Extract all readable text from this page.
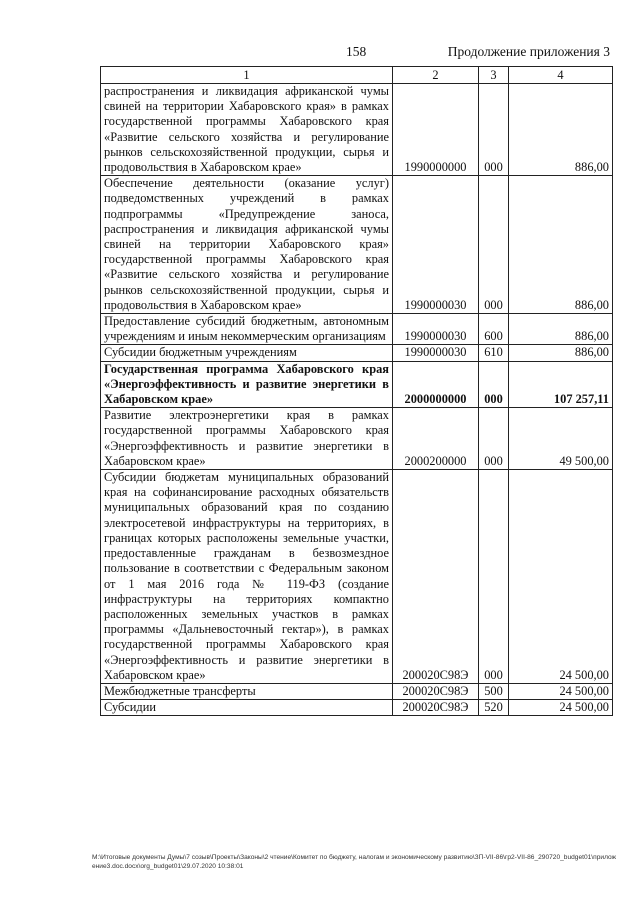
158	Продолжение приложения 3
1	2	3	4
распространения и ликвидация африканской чумы свиней на территории Хабаровского края» в рамках государственной программы Хабаровского края «Развитие сельского хозяйства и регулирование рынков сельскохозяйственной продукции, сырья и продовольствия в Хабаровском крае»	1990000000	000	886,00
Обеспечение деятельности (оказание услуг) подведомственных учреждений в рамках подпрограммы «Предупреждение заноса, распространения и ликвидация африканской чумы свиней на территории Хабаровского края» государственной программы Хабаровского края «Развитие сельского хозяйства и регулирование рынков сельскохозяйственной продукции, сырья и продовольствия в Хабаровском крае»	1990000030	000	886,00
Предоставление субсидий бюджетным, автономным учреждениям и иным некоммерческим организациям	1990000030	600	886,00
Субсидии бюджетным учреждениям	1990000030	610	886,00
Государственная программа Хабаровского края «Энергоэффективность и развитие энергетики в Хабаровском крае»	2000000000	000	107 257,11
Развитие электроэнергетики края в рамках государственной программы Хабаровского края «Энергоэффективность и развитие энергетики в Хабаровском крае»	2000200000	000	49 500,00
Субсидии бюджетам муниципальных образований края на софинансирование расходных обязательств муниципальных образований края по созданию электросетевой инфраструктуры на территориях, в границах которых расположены земельные участки, предоставленные гражданам в безвозмездное пользование в соответствии с Федеральным законом от 1 мая 2016 года № 119-ФЗ (создание инфраструктуры на территориях компактно расположенных земельных участков в рамках программы «Дальневосточный гектар»), в рамках государственной программы Хабаровского края «Энергоэффективность и развитие энергетики в Хабаровском крае»	200020С98Э	000	24 500,00
Межбюджетные трансферты	200020С98Э	500	24 500,00
Субсидии	200020С98Э	520	24 500,00
M:\Итоговые документы Думы\7 созыв\Проекты\Законы\2 чтение\Комитет по бюджету, налогам и экономическому развитию\ЗП-VII-86\гр2-VII-86_290720_budget01\приложение3.doc.docx\org_budget01\29.07.2020 10:38:01
